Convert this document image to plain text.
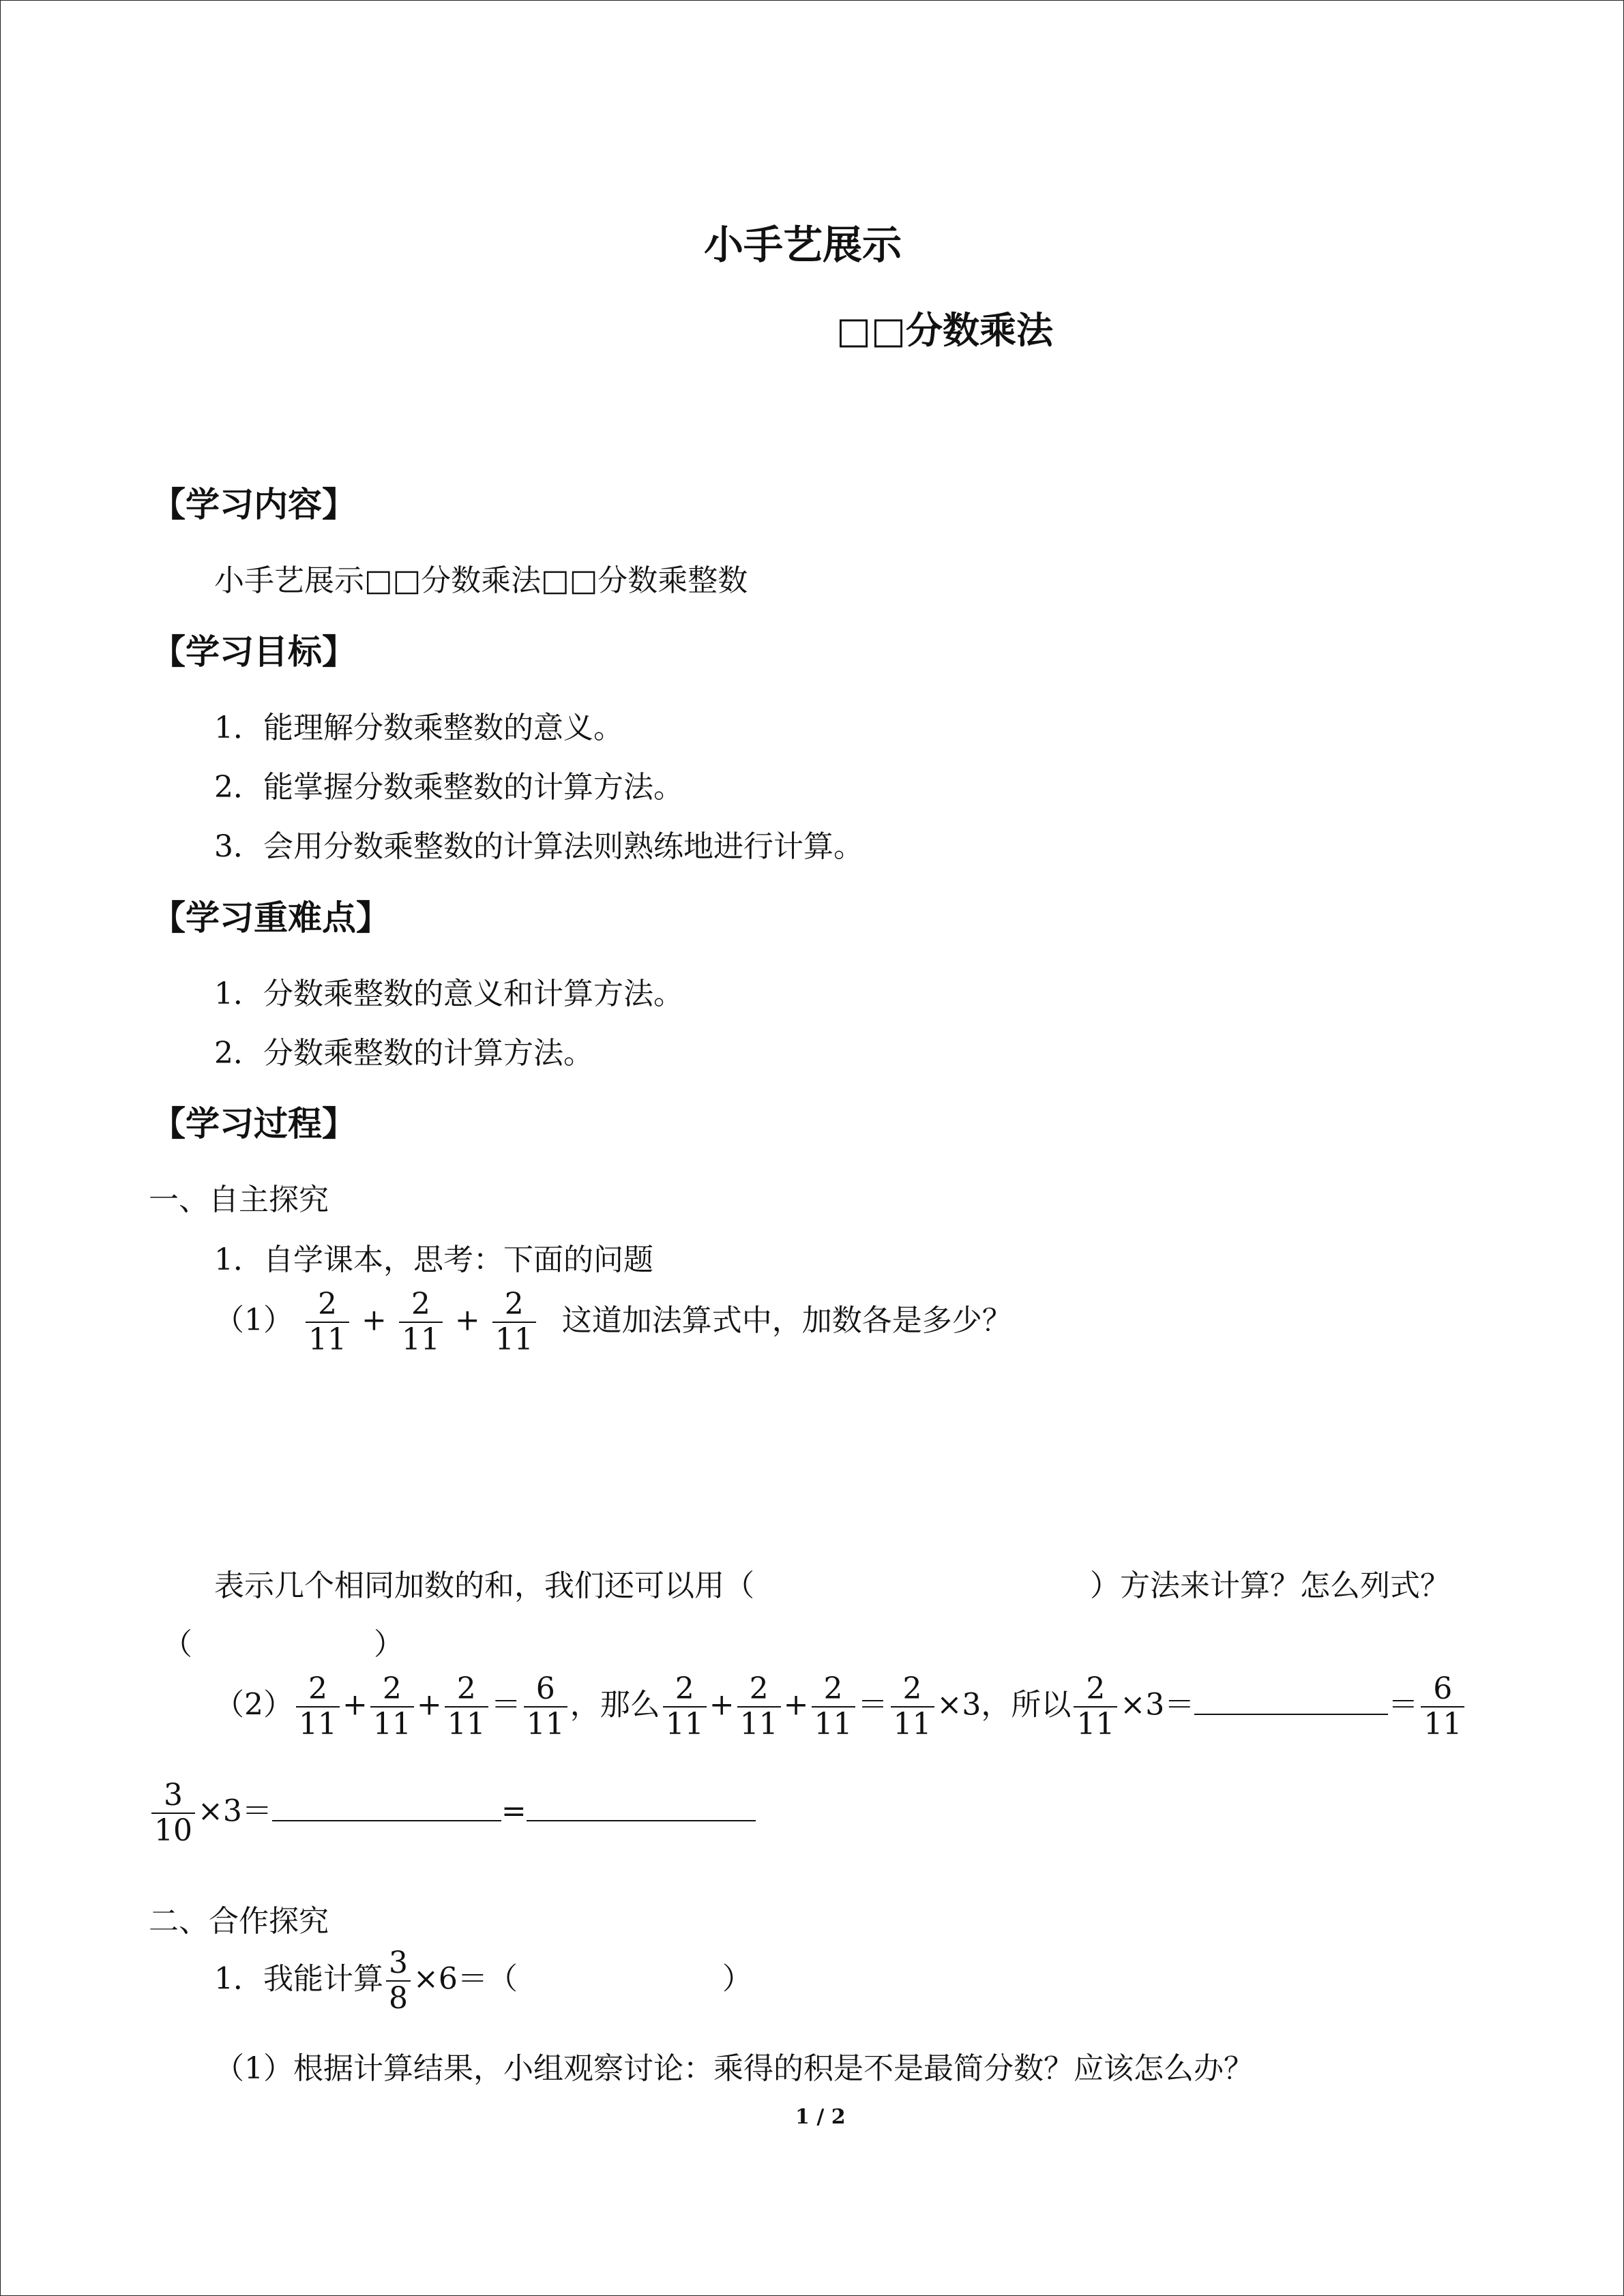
小手艺展示
□□分数乘法
【学习内容】
小手艺展示□□分数乘法□□分数乘整数
【学习目标】
1．能理解分数乘整数的意义。
2．能掌握分数乘整数的计算方法。
3．会用分数乘整数的计算法则熟练地进行计算。
【学习重难点】
1．分数乘整数的意义和计算方法。
2．分数乘整数的计算方法。
【学习过程】
一、自主探究
1．自学课本，思考：下面的问题
$(1) \frac{2}{11} + \frac{2}{11} + \frac{2}{11}$ 这道加法算式中，加数各是多少？
表示几个相同加数的和，我们还可以用（	）方法来计算？怎么列式？
（	）
$(2) \frac{2}{11} + \frac{2}{11} + \frac{2}{11} = \frac{6}{11}$ ，那么 $\frac{2}{11} + \frac{2}{11} + \frac{2}{11} = \frac{2}{11} \times 3$，所以 $\frac{2}{11} \times 3=$	＝ $\frac{6}{11}$
$\frac{3}{10} \times 3=$	=
二、合作探究
1．我能计算 $\frac{3}{8} \times 6=$（	）
（1）根据计算结果，小组观察讨论：乘得的积是不是最简分数？应该怎么办？
1 / 2
